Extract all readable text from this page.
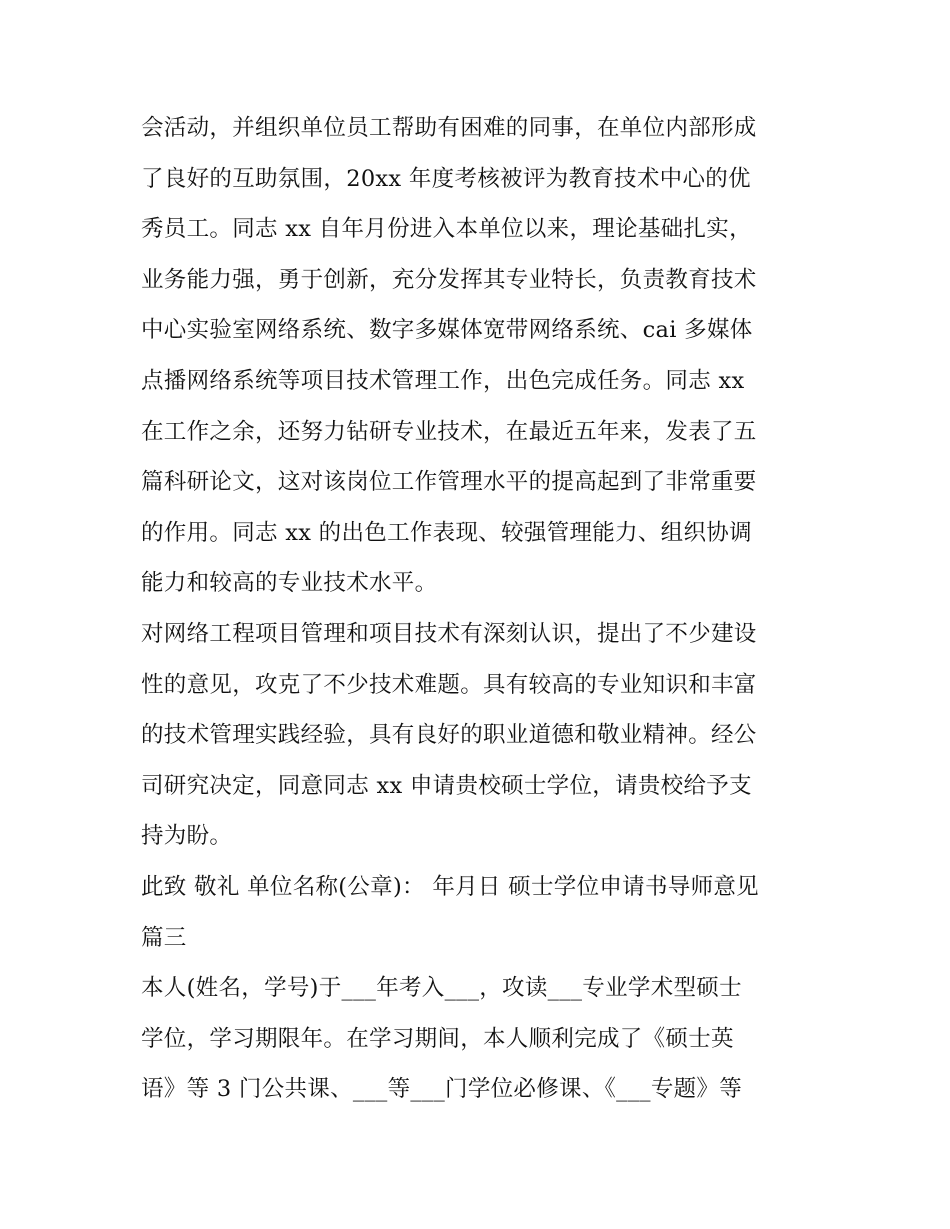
会活动，并组织单位员工帮助有困难的同事，在单位内部形成
了良好的互助氛围，20xx 年度考核被评为教育技术中心的优
秀员工。同志 xx 自年月份进入本单位以来，理论基础扎实，
业务能力强，勇于创新，充分发挥其专业特长，负责教育技术
中心实验室网络系统、数字多媒体宽带网络系统、cai 多媒体
点播网络系统等项目技术管理工作，出色完成任务。同志 xx
在工作之余，还努力钻研专业技术，在最近五年来，发表了五
篇科研论文，这对该岗位工作管理水平的提高起到了非常重要
的作用。同志 xx 的出色工作表现、较强管理能力、组织协调
能力和较高的专业技术水平。
对网络工程项目管理和项目技术有深刻认识，提出了不少建设
性的意见，攻克了不少技术难题。具有较高的专业知识和丰富
的技术管理实践经验，具有良好的职业道德和敬业精神。经公
司研究决定，同意同志 xx 申请贵校硕士学位，请贵校给予支
持为盼。
此致 敬礼 单位名称(公章)： 年月日 硕士学位申请书导师意见
篇三
本人(姓名，学号)于___年考入___，攻读___专业学术型硕士
学位，学习期限年。在学习期间，本人顺利完成了《硕士英
语》等 3 门公共课、___等___门学位必修课、《___专题》等
